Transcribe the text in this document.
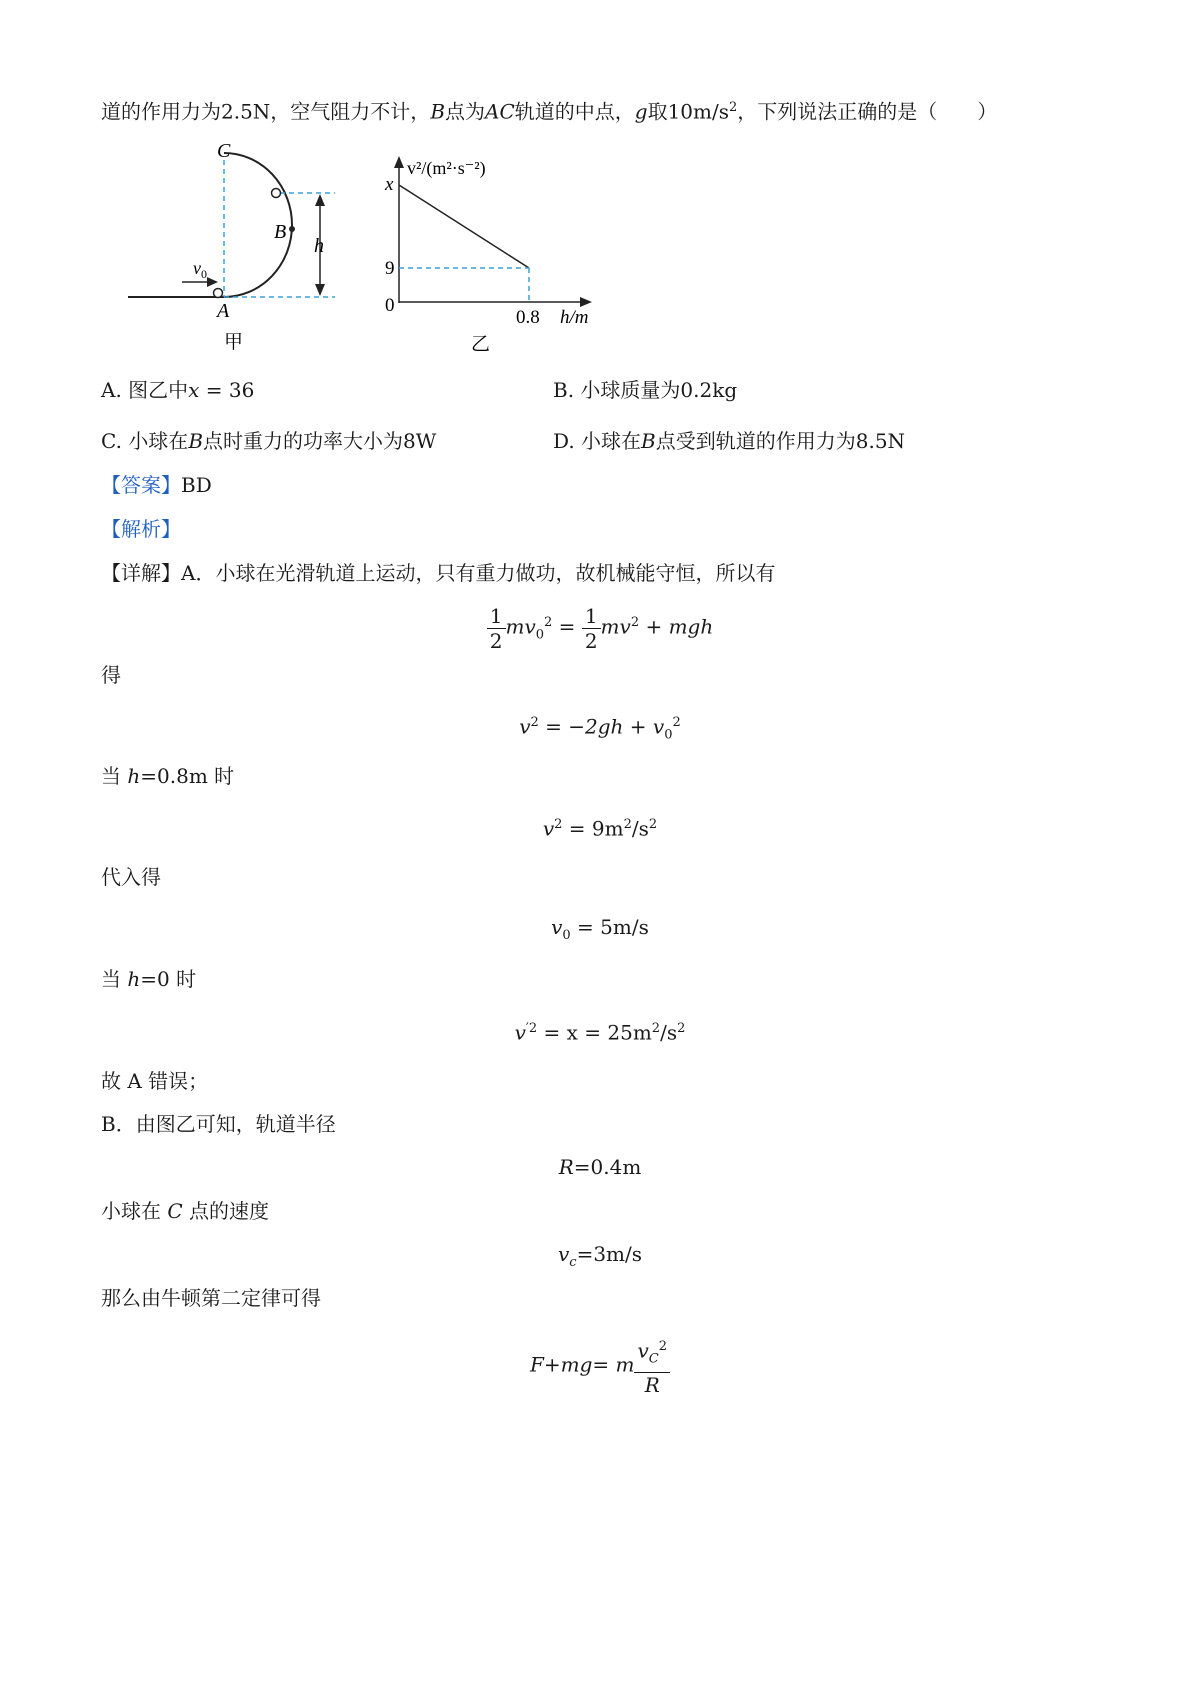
道的作用力为2.5N，空气阻力不计，B点为AC轨道的中点，g取$10m/s^2$，下列说法正确的是（　　）
C
B
A
h
$v_0$
甲
v²/(m²·s⁻²)
x
9
0
0.8 h/m
乙
A. 图乙中x = 36	B. 小球质量为0.2kg
C. 小球在B点时重力的功率大小为8W	D. 小球在B点受到轨道的作用力为8.5N
【答案】BD
【解析】
【详解】A．小球在光滑轨道上运动，只有重力做功，故机械能守恒，所以有
$\frac{1}{2} mv_0^2 = \frac{1}{2} mv^2$ + mgh
得
$v^2 = -2gh + v_0^2$
当 h=0.8m 时
$v^2 = 9m^2/s^2$
代入得
$v_0 = 5m/s$
当 h=0 时
$v^{'2} = x = 25m^2/s^2$
故 A 错误；
B．由图乙可知，轨道半径
R=0.4m
小球在 C 点的速度
$v_c=3m/s$
那么由牛顿第二定律可得
F+mg= m $\frac{v_C^2}{R}$
